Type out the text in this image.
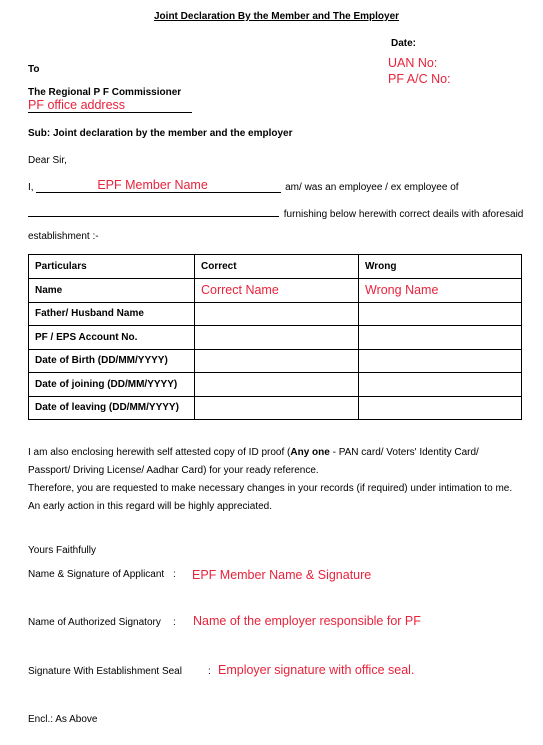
Joint Declaration By the Member and The Employer
Date:
UAN No:
PF A/C No:
To
The Regional P F Commissioner
PF office address
Sub: Joint declaration by the member and the employer
Dear Sir,
I,	EPF Member Name	am/ was an employee / ex employee of
furnishing below herewith correct deails with aforesaid
establishment :-
Particulars	Correct	Wrong
Name	Correct Name	Wrong Name
Father/ Husband Name		
PF / EPS Account No.		
Date of Birth (DD/MM/YYYY)		
Date of joining (DD/MM/YYYY)		
Date of leaving (DD/MM/YYYY)		
I am also enclosing herewith self attested copy of ID proof (Any one - PAN card/ Voters' Identity Card/ Passport/ Driving License/ Aadhar Card) for your ready reference.
Therefore, you are requested to make necessary changes in your records (if required) under intimation to me.
An early action in this regard will be highly appreciated.
Yours Faithfully
Name & Signature of Applicant : EPF Member Name & Signature
Name of Authorized Signatory : Name of the employer responsible for PF
Signature With Establishment Seal	: Employer signature with office seal.
Encl.: As Above
